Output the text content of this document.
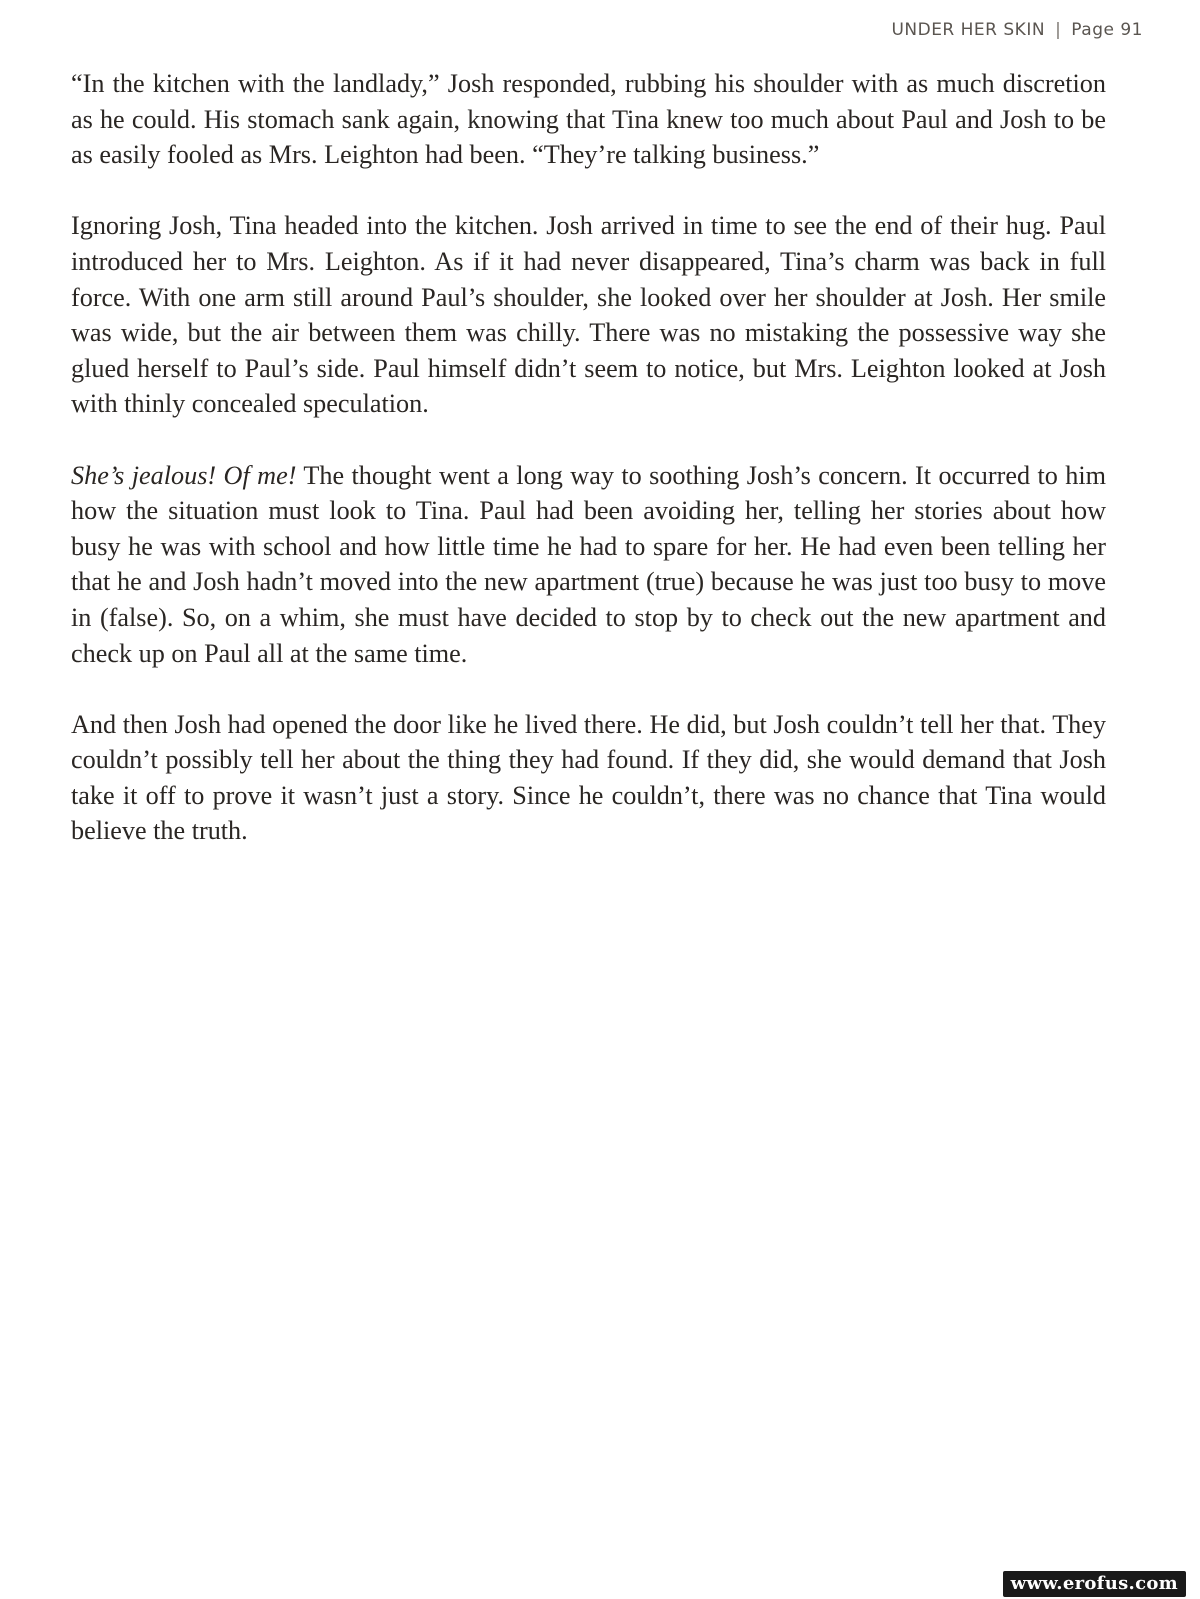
UNDER HER SKIN | Page 91

“In the kitchen with the landlady,” Josh responded, rubbing his shoulder with as much discretion as he could. His stomach sank again, knowing that Tina knew too much about Paul and Josh to be as easily fooled as Mrs. Leighton had been. “They’re talking business.”

Ignoring Josh, Tina headed into the kitchen. Josh arrived in time to see the end of their hug. Paul introduced her to Mrs. Leighton. As if it had never disappeared, Tina’s charm was back in full force. With one arm still around Paul’s shoulder, she looked over her shoulder at Josh. Her smile was wide, but the air between them was chilly. There was no mistaking the possessive way she glued herself to Paul’s side. Paul himself didn’t seem to notice, but Mrs. Leighton looked at Josh with thinly concealed speculation.

She’s jealous! Of me! The thought went a long way to soothing Josh’s concern. It occurred to him how the situation must look to Tina. Paul had been avoiding her, telling her stories about how busy he was with school and how little time he had to spare for her. He had even been telling her that he and Josh hadn’t moved into the new apartment (true) because he was just too busy to move in (false). So, on a whim, she must have decided to stop by to check out the new apartment and check up on Paul all at the same time.

And then Josh had opened the door like he lived there. He did, but Josh couldn’t tell her that. They couldn’t possibly tell her about the thing they had found. If they did, she would demand that Josh take it off to prove it wasn’t just a story. Since he couldn’t, there was no chance that Tina would believe the truth.

www.erofus.com
